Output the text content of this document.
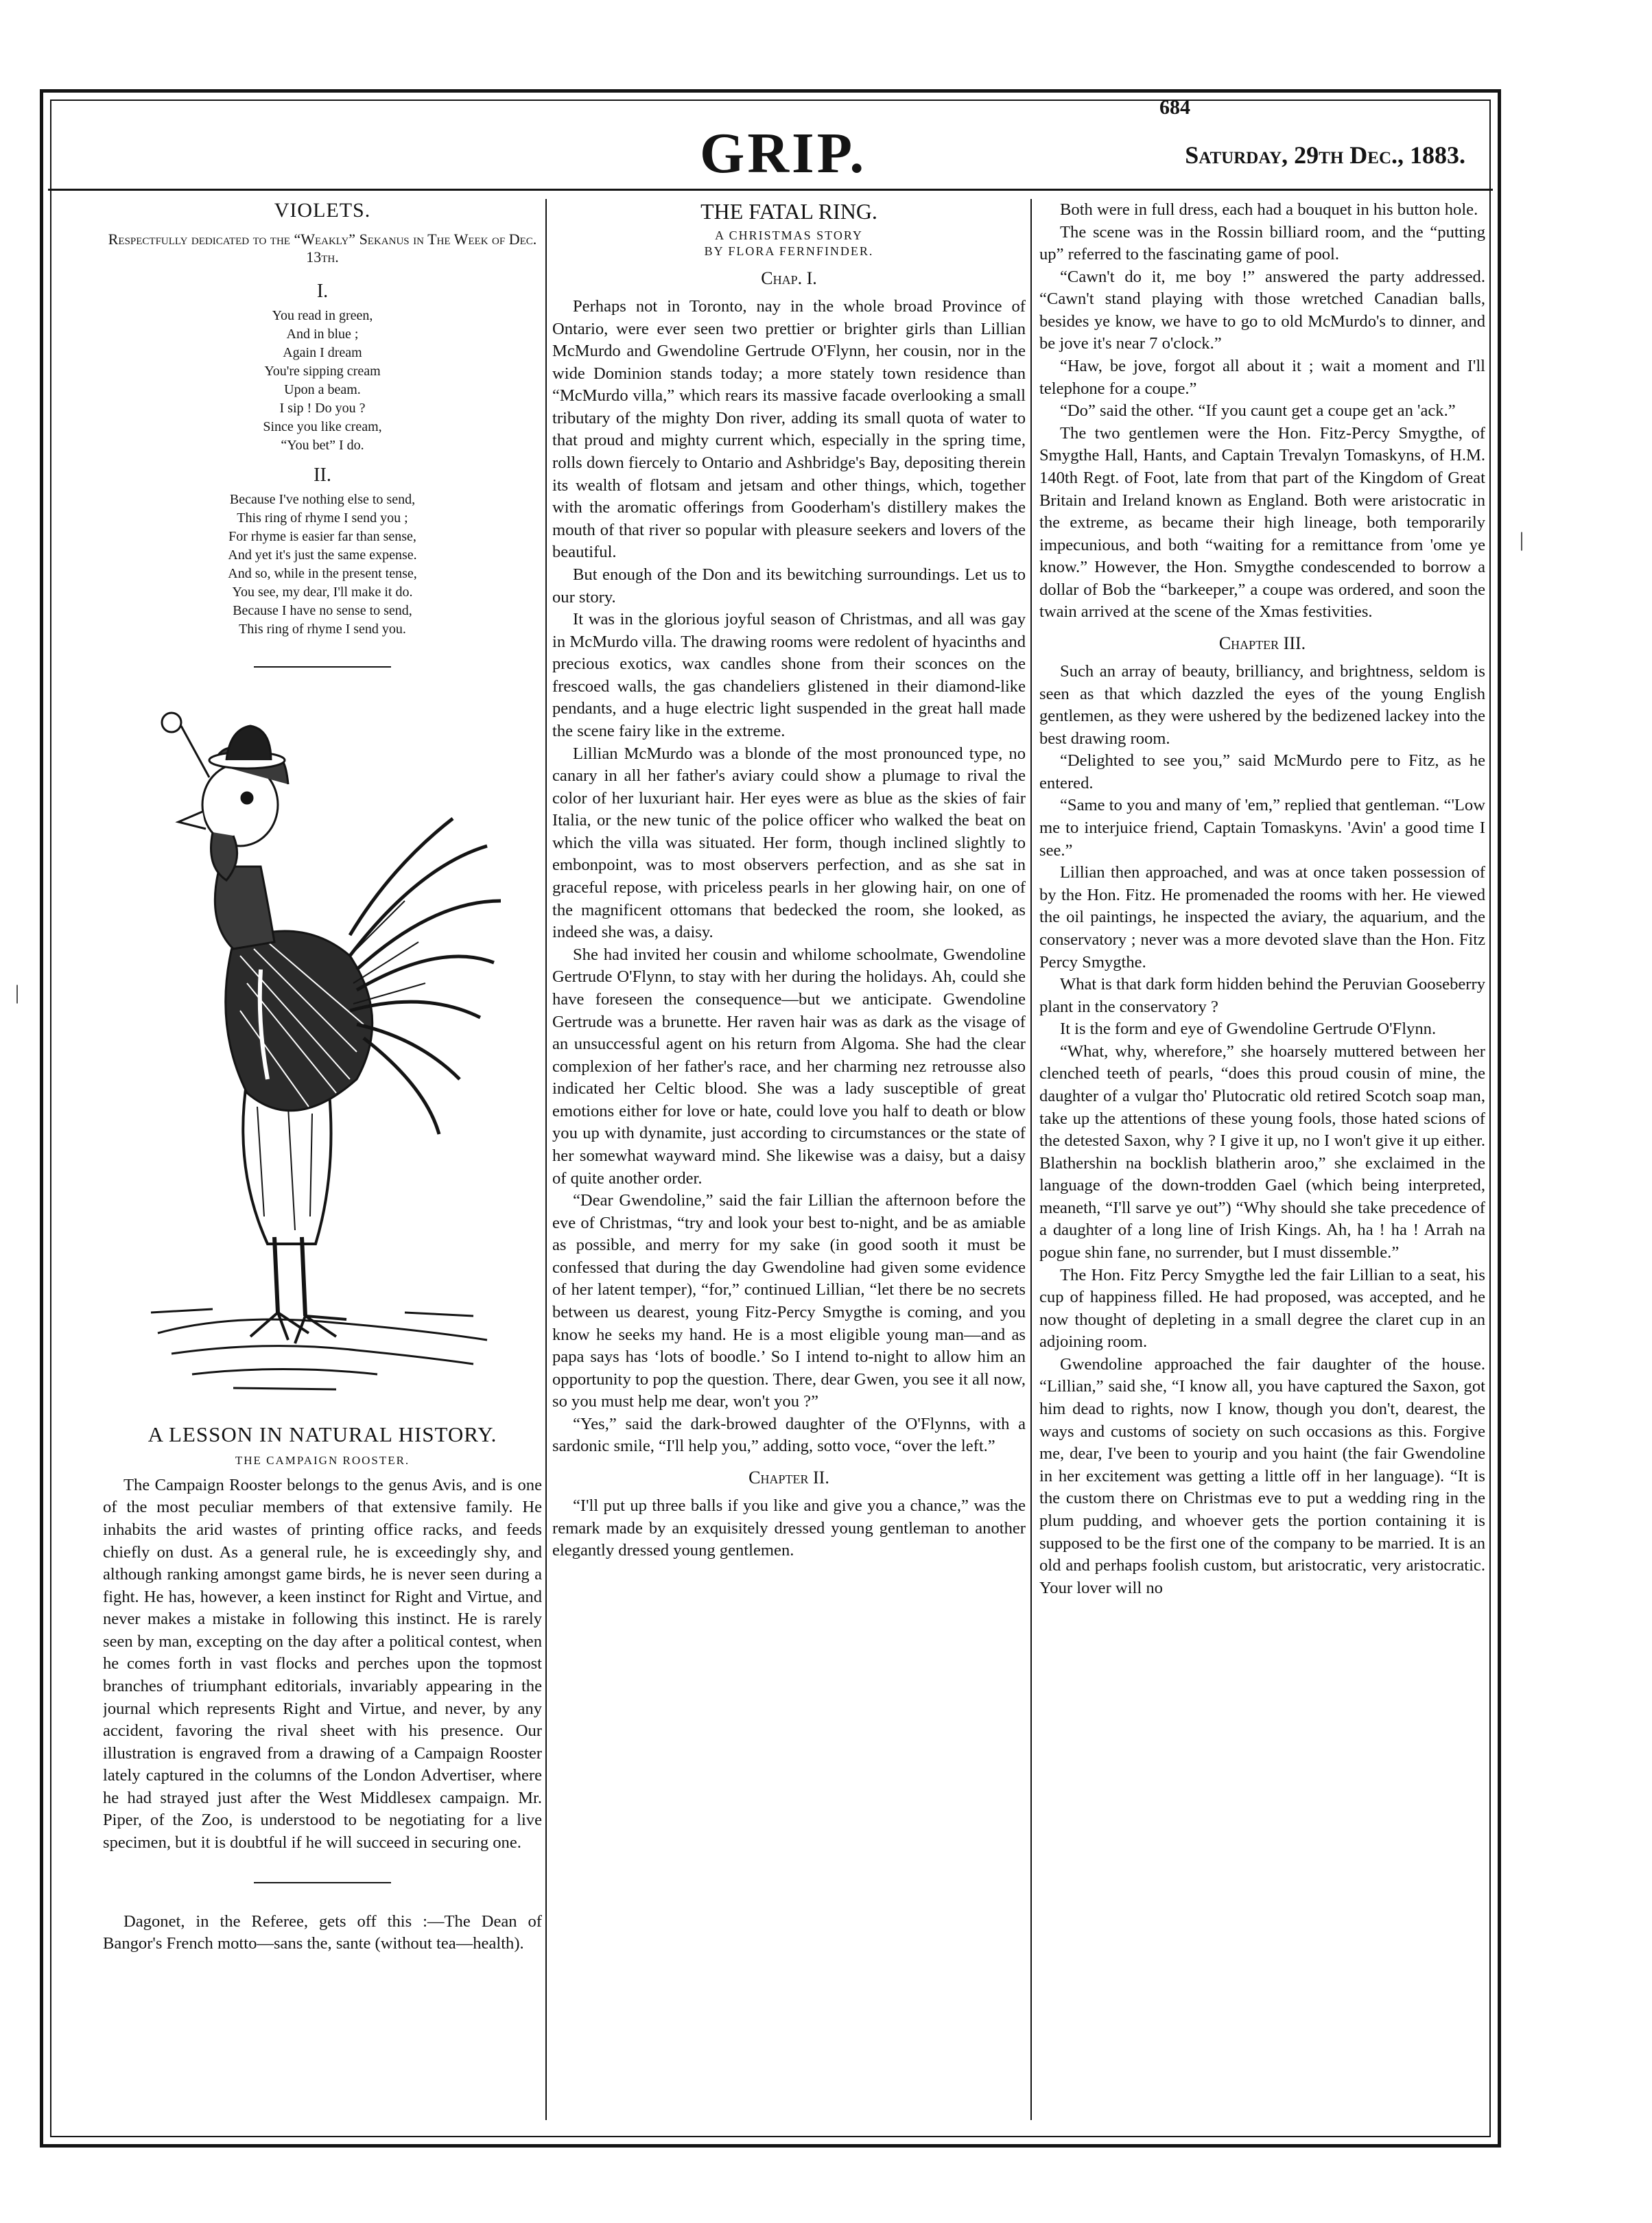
684
GRIP.	Saturday, 29th Dec., 1883.
|
|
VIOLETS.
Respectfully dedicated to the “Weakly” Sekanus in The Week of Dec. 13th.
I.
You read in green,
And in blue ;
Again I dream
You're sipping cream
Upon a beam.
I sip ! Do you ?
Since you like cream,
“You bet” I do.
II.
Because I've nothing else to send,
This ring of rhyme I send you ;
For rhyme is easier far than sense,
And yet it's just the same expense.
And so, while in the present tense,
You see, my dear, I'll make it do.
Because I have no sense to send,
This ring of rhyme I send you.
A LESSON IN NATURAL HISTORY.
THE CAMPAIGN ROOSTER.

The Campaign Rooster belongs to the genus Avis, and is one of the most peculiar members of that extensive family. He inhabits the arid wastes of printing office racks, and feeds chiefly on dust. As a general rule, he is exceedingly shy, and although ranking amongst game birds, he is never seen during a fight. He has, however, a keen instinct for Right and Virtue, and never makes a mistake in following this instinct. He is rarely seen by man, excepting on the day after a political contest, when he comes forth in vast flocks and perches upon the topmost branches of triumphant editorials, invariably appearing in the journal which represents Right and Virtue, and never, by any accident, favoring the rival sheet with his presence. Our illustration is engraved from a drawing of a Campaign Rooster lately captured in the columns of the London Advertiser, where he had strayed just after the West Middlesex campaign. Mr. Piper, of the Zoo, is understood to be negotiating for a live specimen, but it is doubtful if he will succeed in securing one.

Dagonet, in the Referee, gets off this :—The Dean of Bangor's French motto—sans the, sante (without tea—health).

THE FATAL RING.
A CHRISTMAS STORY
BY FLORA FERNFINDER.
Chap. I.

Perhaps not in Toronto, nay in the whole broad Province of Ontario, were ever seen two prettier or brighter girls than Lillian McMurdo and Gwendoline Gertrude O'Flynn, her cousin, nor in the wide Dominion stands today; a more stately town residence than “McMurdo villa,” which rears its massive facade overlooking a small tributary of the mighty Don river, adding its small quota of water to that proud and mighty current which, especially in the spring time, rolls down fiercely to Ontario and Ashbridge's Bay, depositing therein its wealth of flotsam and jetsam and other things, which, together with the aromatic offerings from Gooderham's distillery makes the mouth of that river so popular with pleasure seekers and lovers of the beautiful.

But enough of the Don and its bewitching surroundings. Let us to our story.

It was in the glorious joyful season of Christmas, and all was gay in McMurdo villa. The drawing rooms were redolent of hyacinths and precious exotics, wax candles shone from their sconces on the frescoed walls, the gas chandeliers glistened in their diamond-like pendants, and a huge electric light suspended in the great hall made the scene fairy like in the extreme.

Lillian McMurdo was a blonde of the most pronounced type, no canary in all her father's aviary could show a plumage to rival the color of her luxuriant hair. Her eyes were as blue as the skies of fair Italia, or the new tunic of the police officer who walked the beat on which the villa was situated. Her form, though inclined slightly to embonpoint, was to most observers perfection, and as she sat in graceful repose, with priceless pearls in her glowing hair, on one of the magnificent ottomans that bedecked the room, she looked, as indeed she was, a daisy.

She had invited her cousin and whilome schoolmate, Gwendoline Gertrude O'Flynn, to stay with her during the holidays. Ah, could she have foreseen the consequence—but we anticipate. Gwendoline Gertrude was a brunette. Her raven hair was as dark as the visage of an unsuccessful agent on his return from Algoma. She had the clear complexion of her father's race, and her charming nez retrousse also indicated her Celtic blood. She was a lady susceptible of great emotions either for love or hate, could love you half to death or blow you up with dynamite, just according to circumstances or the state of her somewhat wayward mind. She likewise was a daisy, but a daisy of quite another order.

“Dear Gwendoline,” said the fair Lillian the afternoon before the eve of Christmas, “try and look your best to-night, and be as amiable as possible, and merry for my sake (in good sooth it must be confessed that during the day Gwendoline had given some evidence of her latent temper), “for,” continued Lillian, “let there be no secrets between us dearest, young Fitz-Percy Smygthe is coming, and you know he seeks my hand. He is a most eligible young man—and as papa says has ‘lots of boodle.’ So I intend to-night to allow him an opportunity to pop the question. There, dear Gwen, you see it all now, so you must help me dear, won't you ?”

“Yes,” said the dark-browed daughter of the O'Flynns, with a sardonic smile, “I'll help you,” adding, sotto voce, “over the left.”

Chapter II.

“I'll put up three balls if you like and give you a chance,” was the remark made by an exquisitely dressed young gentleman to another elegantly dressed young gentlemen.

Both were in full dress, each had a bouquet in his button hole.

The scene was in the Rossin billiard room, and the “putting up” referred to the fascinating game of pool.

“Cawn't do it, me boy !” answered the party addressed. “Cawn't stand playing with those wretched Canadian balls, besides ye know, we have to go to old McMurdo's to dinner, and be jove it's near 7 o'clock.”

“Haw, be jove, forgot all about it ; wait a moment and I'll telephone for a coupe.”

“Do” said the other. “If you caunt get a coupe get an 'ack.”

The two gentlemen were the Hon. Fitz-Percy Smygthe, of Smygthe Hall, Hants, and Captain Trevalyn Tomaskyns, of H.M. 140th Regt. of Foot, late from that part of the Kingdom of Great Britain and Ireland known as England. Both were aristocratic in the extreme, as became their high lineage, both temporarily impecunious, and both “waiting for a remittance from 'ome ye know.” However, the Hon. Smygthe condescended to borrow a dollar of Bob the “barkeeper,” a coupe was ordered, and soon the twain arrived at the scene of the Xmas festivities.

Chapter III.

Such an array of beauty, brilliancy, and brightness, seldom is seen as that which dazzled the eyes of the young English gentlemen, as they were ushered by the bedizened lackey into the best drawing room.

“Delighted to see you,” said McMurdo pere to Fitz, as he entered.

“Same to you and many of 'em,” replied that gentleman. “'Low me to interjuice friend, Captain Tomaskyns. 'Avin' a good time I see.”

Lillian then approached, and was at once taken possession of by the Hon. Fitz. He promenaded the rooms with her. He viewed the oil paintings, he inspected the aviary, the aquarium, and the conservatory ; never was a more devoted slave than the Hon. Fitz Percy Smygthe.

What is that dark form hidden behind the Peruvian Gooseberry plant in the conservatory ?

It is the form and eye of Gwendoline Gertrude O'Flynn.

“What, why, wherefore,” she hoarsely muttered between her clenched teeth of pearls, “does this proud cousin of mine, the daughter of a vulgar tho' Plutocratic old retired Scotch soap man, take up the attentions of these young fools, those hated scions of the detested Saxon, why ? I give it up, no I won't give it up either. Blathershin na bocklish blatherin aroo,” she exclaimed in the language of the down-trodden Gael (which being interpreted, meaneth, “I'll sarve ye out”) “Why should she take precedence of a daughter of a long line of Irish Kings. Ah, ha ! ha ! Arrah na pogue shin fane, no surrender, but I must dissemble.”

The Hon. Fitz Percy Smygthe led the fair Lillian to a seat, his cup of happiness filled. He had proposed, was accepted, and he now thought of depleting in a small degree the claret cup in an adjoining room.

Gwendoline approached the fair daughter of the house. “Lillian,” said she, “I know all, you have captured the Saxon, got him dead to rights, now I know, though you don't, dearest, the ways and customs of society on such occasions as this. Forgive me, dear, I've been to yourip and you haint (the fair Gwendoline in her excitement was getting a little off in her language). “It is the custom there on Christmas eve to put a wedding ring in the plum pudding, and whoever gets the portion containing it is supposed to be the first one of the company to be married. It is an old and perhaps foolish custom, but aristocratic, very aristocratic. Your lover will no
